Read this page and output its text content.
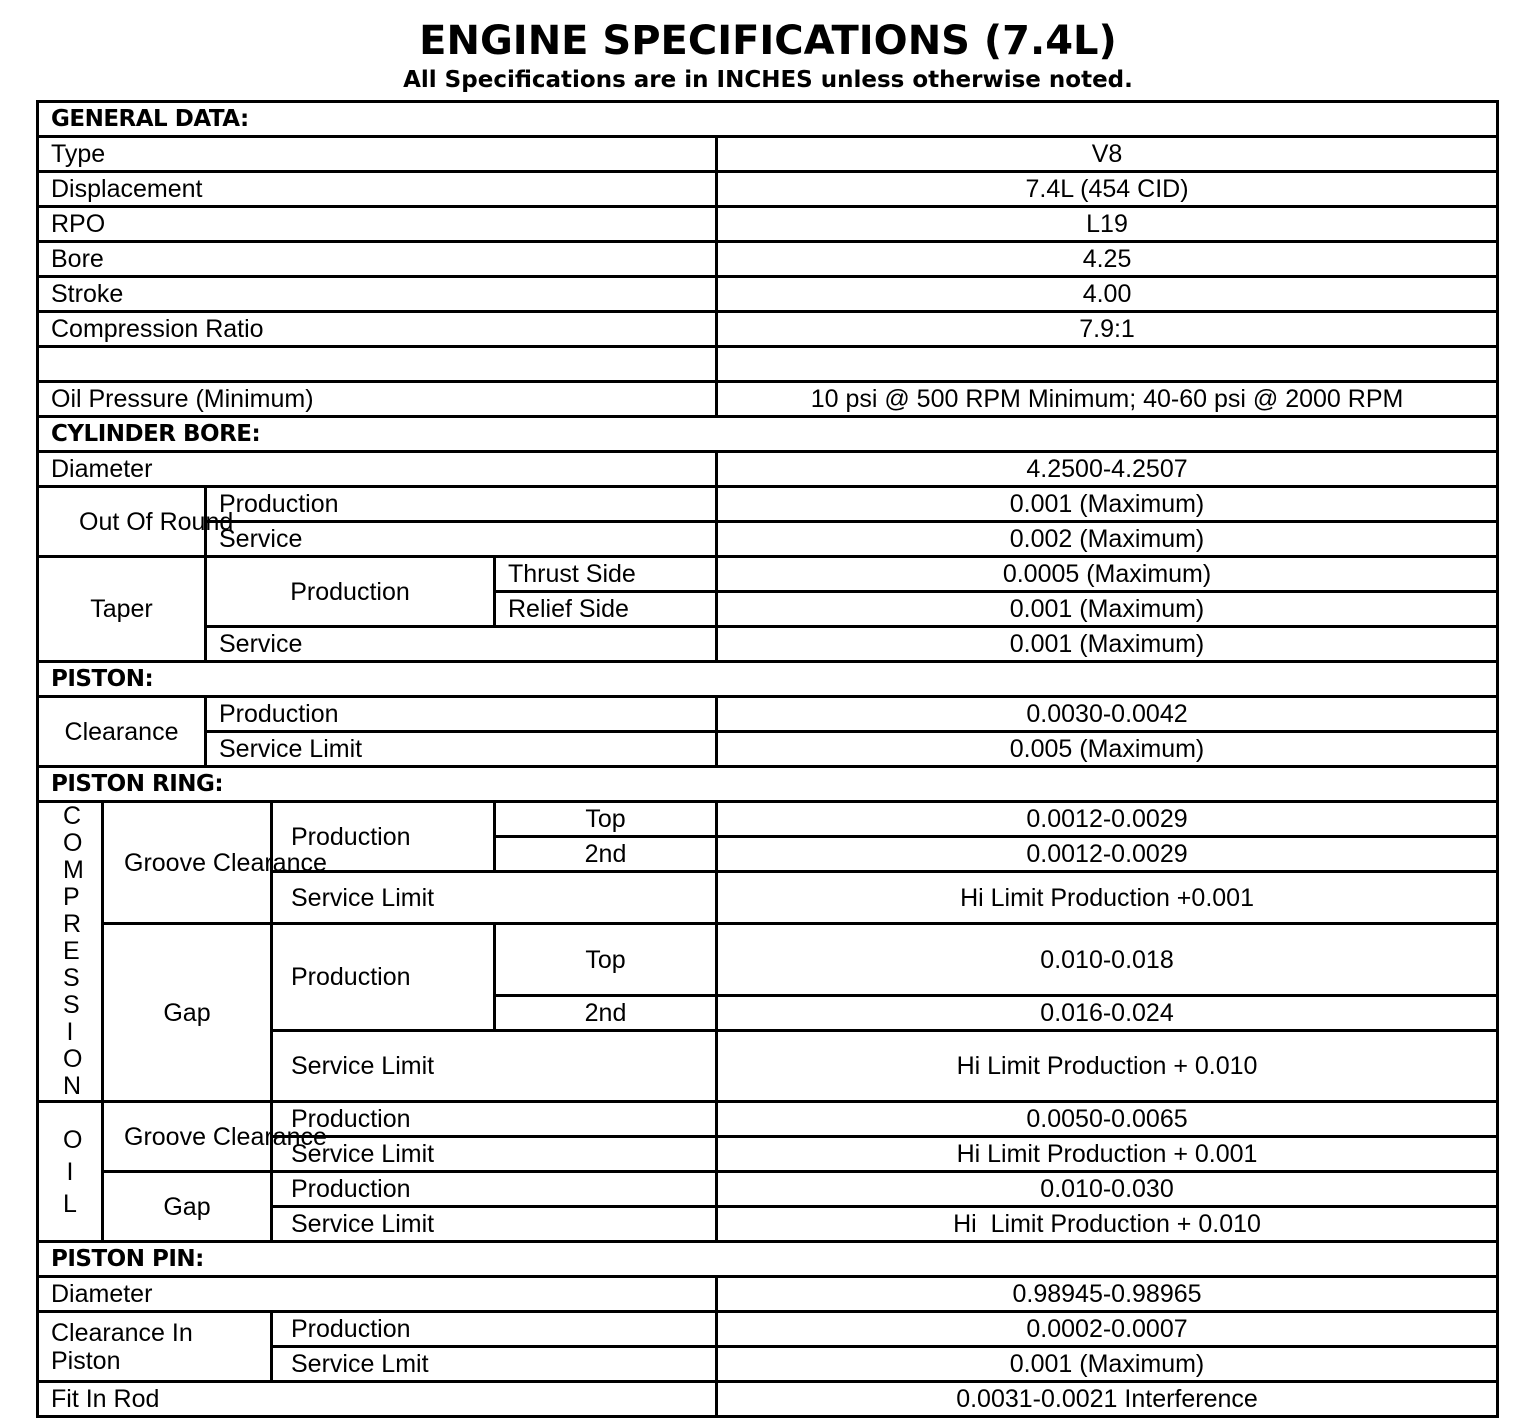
ENGINE SPECIFICATIONS (7.4L)
All Specifications are in INCHES unless otherwise noted.
GENERAL DATA:					
Type					V8
Displacement					7.4L (454 CID)
RPO					L19
Bore					4.25
Stroke					4.00
Compression Ratio					7.9:1

Oil Pressure (Minimum)					10 psi @ 500 RPM Minimum; 40-60 psi @ 2000 RPM
CYLINDER BORE:					
Diameter					4.2500-4.2507
Out Of Round		Production			0.001 (Maximum)
		Service			0.002 (Maximum)
Taper		Production		Thrust Side	0.0005 (Maximum)
				Relief Side	0.001 (Maximum)
		Service			0.001 (Maximum)
PISTON:					
Clearance		Production			0.0030-0.0042
		Service Limit			0.005 (Maximum)
PISTON RING:					
COMPRESSION	Groove Clearance		Production	Top	0.0012-0.0029
				2nd	0.0012-0.0029
			Service Limit		Hi Limit Production +0.001
	Gap		Production	Top	0.010-0.018
				2nd	0.016-0.024
			Service Limit		Hi Limit Production + 0.010
OIL	Groove Clearance		Production		0.0050-0.0065
			Service Limit		Hi Limit Production + 0.001
	Gap		Production		0.010-0.030
			Service Limit		Hi  Limit Production + 0.010
PISTON PIN:					
Diameter					0.98945-0.98965
Clearance In Piston			Production		0.0002-0.0007
			Service Lmit		0.001 (Maximum)
Fit In Rod					0.0031-0.0021 Interference
